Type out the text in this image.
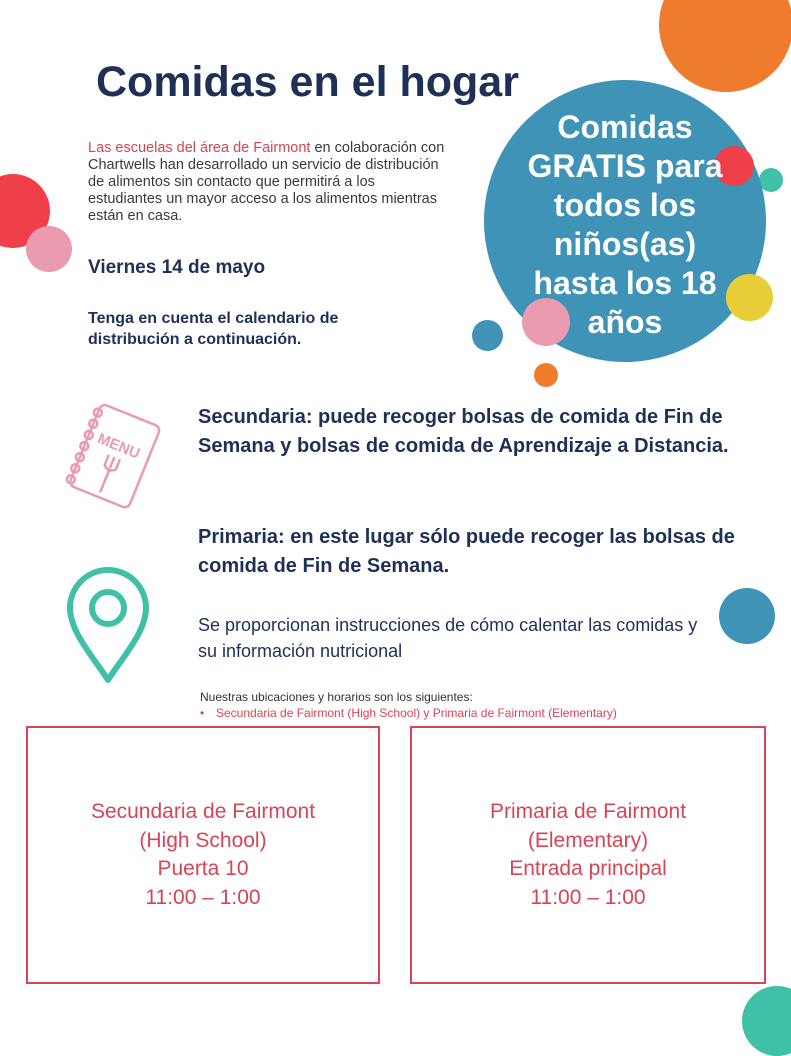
Comidas en el hogar
Las escuelas del área de Fairmont en colaboración con Chartwells han desarrollado un servicio de distribución de alimentos sin contacto que permitirá a los estudiantes un mayor acceso a los alimentos mientras están en casa.
Viernes 14 de mayo
Tenga en cuenta el calendario de distribución a continuación.
Comidas
GRATIS para
todos los
niños(as)
hasta los 18
años
MENU
Secundaria: puede recoger bolsas de comida de Fin de Semana y bolsas de comida de Aprendizaje a Distancia.
Primaria: en este lugar sólo puede recoger las bolsas de comida de Fin de Semana.
Se proporcionan instrucciones de cómo calentar las comidas y su información nutricional
Nuestras ubicaciones y horarios son los siguientes:
• Secundaria de Fairmont (High School) y Primaria de Fairmont (Elementary)
Secundaria de Fairmont
(High School)
Puerta 10
11:00 – 1:00
Primaria de Fairmont
(Elementary)
Entrada principal
11:00 – 1:00
